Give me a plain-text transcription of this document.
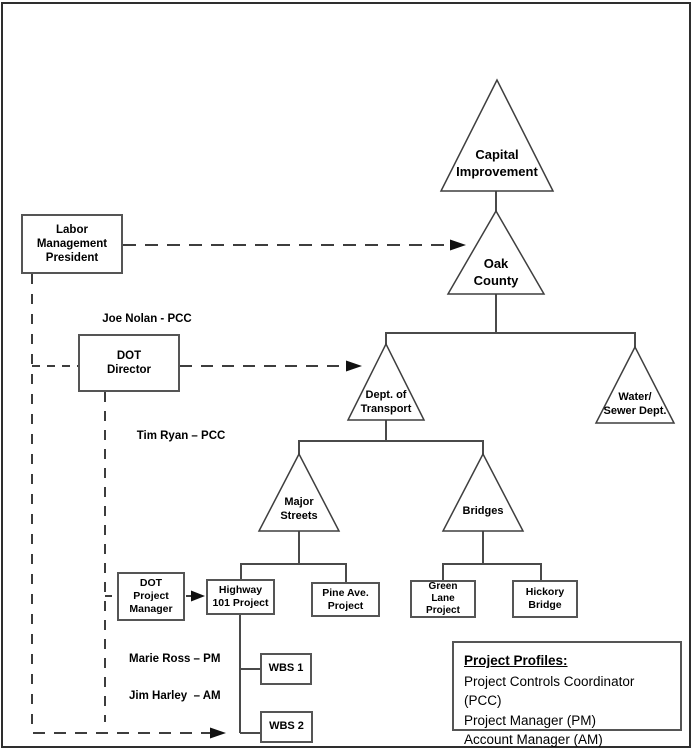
Capital
Improvement
Oak
County
Dept. of
Transport
Water/
Sewer Dept.
Major
Streets	Bridges
Labor
Management
President
DOT
Director
DOT
Project
Manager
Highway
101 Project
Pine Ave.
Project
Green
Lane
Project
Hickory
Bridge
WBS 1
WBS 2

Joe Nolan - PCC

Tim Ryan – PCC

Marie Ross – PM

Jim Harley  – AM

Project Profiles:
Project Controls Coordinator (PCC)
Project Manager (PM)
Account Manager (AM)
